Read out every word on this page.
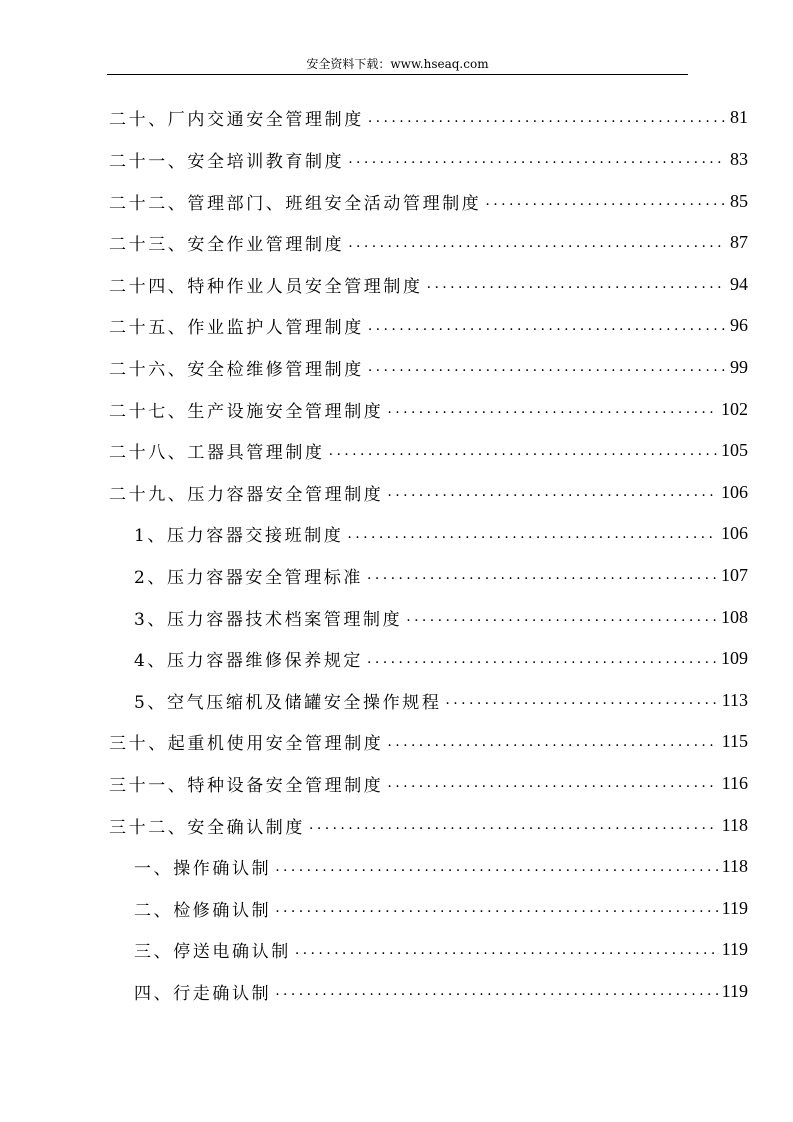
安全资料下载：www.hseaq.com
二十、厂内交通安全管理制度 .....	81
二十一、安全培训教育制度 .....	83
二十二、管理部门、班组安全活动管理制度 .....	85
二十三、安全作业管理制度 .....	87
二十四、特种作业人员安全管理制度 .....	94
二十五、作业监护人管理制度 .....	96
二十六、安全检维修管理制度 .....	99
二十七、生产设施安全管理制度 .....	102
二十八、工器具管理制度 .....	105
二十九、压力容器安全管理制度 .....	106
1、压力容器交接班制度 .....	106
2、压力容器安全管理标准 .....	107
3、压力容器技术档案管理制度 .....	108
4、压力容器维修保养规定 .....	109
5、空气压缩机及储罐安全操作规程 .....	113
三十、起重机使用安全管理制度 .....	115
三十一、特种设备安全管理制度 .....	116
三十二、安全确认制度 .....	118
一、操作确认制 .....	118
二、检修确认制 .....	119
三、停送电确认制 .....	119
四、行走确认制 .....	119
